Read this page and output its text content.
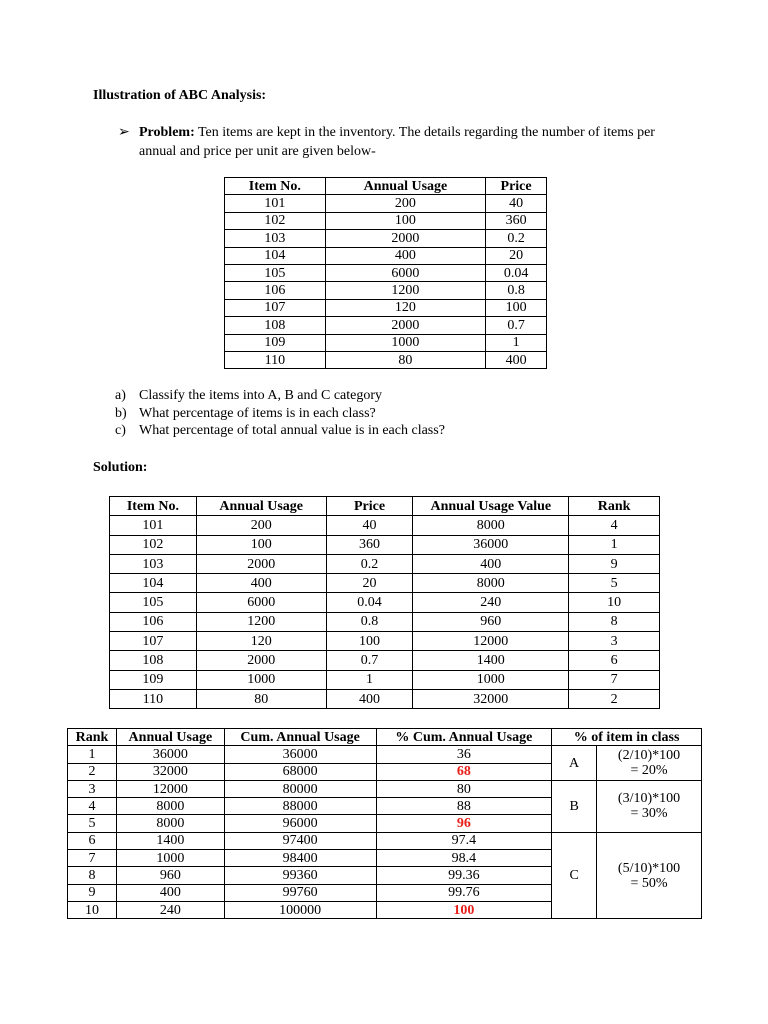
Illustration of ABC Analysis:
➢ Problem: Ten items are kept in the inventory. The details regarding the number of items per annual and price per unit are given below-
Item No.	Annual Usage	Price
101	200	40
102	100	360
103	2000	0.2
104	400	20
105	6000	0.04
106	1200	0.8
107	120	100
108	2000	0.7
109	1000	1
110	80	400
a) Classify the items into A, B and C category
b) What percentage of items is in each class?
c) What percentage of total annual value is in each class?
Solution:
Item No.	Annual Usage	Price	Annual Usage Value	Rank
101	200	40	8000	4
102	100	360	36000	1
103	2000	0.2	400	9
104	400	20	8000	5
105	6000	0.04	240	10
106	1200	0.8	960	8
107	120	100	12000	3
108	2000	0.7	1400	6
109	1000	1	1000	7
110	80	400	32000	2
Rank	Annual Usage	Cum. Annual Usage	% Cum. Annual Usage	% of item in class	
1	36000	36000	36	A	(2/10)*100
= 20%

2	32000	68000	68		
3	12000	80000	80	B	(3/10)*100
= 30%

4	8000	88000	88		
5	8000	96000	96		
6	1400	97400	97.4	C	(5/10)*100
= 50%

7	1000	98400	98.4		
8	960	99360	99.36		
9	400	99760	99.76		
10	240	100000	100		
